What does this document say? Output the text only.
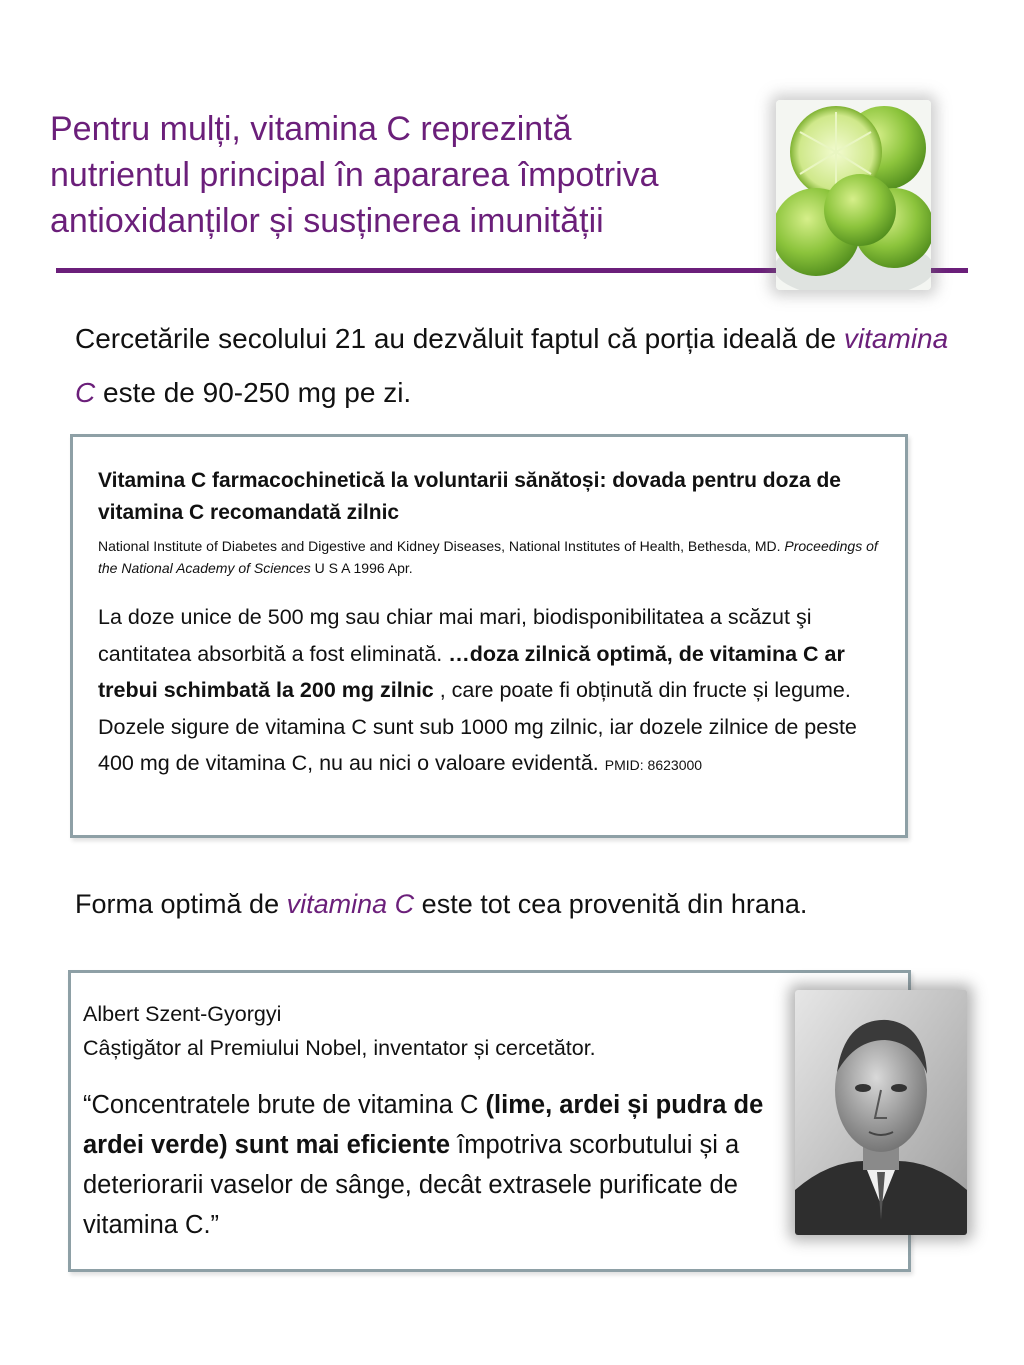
Pentru mulți, vitamina C reprezintă
nutrientul principal în apararea împotriva
antioxidanților și susținerea imunității

Cercetările secolului 21 au dezvăluit faptul că porția ideală de vitamina C este de 90-250 mg pe zi.

Vitamina C farmacochinetică la voluntarii sănătoși: dovada pentru doza de vitamina C recomandată zilnic

National Institute of Diabetes and Digestive and Kidney Diseases, National Institutes of Health, Bethesda, MD. Proceedings of the National Academy of Sciences U S A 1996 Apr.

La doze unice de 500 mg sau chiar mai mari, biodisponibilitatea a scăzut şi cantitatea absorbită a fost eliminată. …doza zilnică optimă, de vitamina C ar trebui schimbată la 200 mg zilnic , care poate fi obținută din fructe și legume. Dozele sigure de vitamina C sunt sub 1000 mg zilnic, iar dozele zilnice de peste 400 mg de vitamina C, nu au nici o valoare evidentă. PMID: 8623000

Forma optimă de vitamina C este tot cea provenită din hrana.

Albert Szent-Gyorgyi
Câștigător al Premiului Nobel, inventator și cercetător.

“Concentratele brute de vitamina C (lime, ardei și pudra de ardei verde) sunt mai eficiente împotriva scorbutului și a deteriorarii vaselor de sânge, decât extrasele purificate de vitamina C.”
